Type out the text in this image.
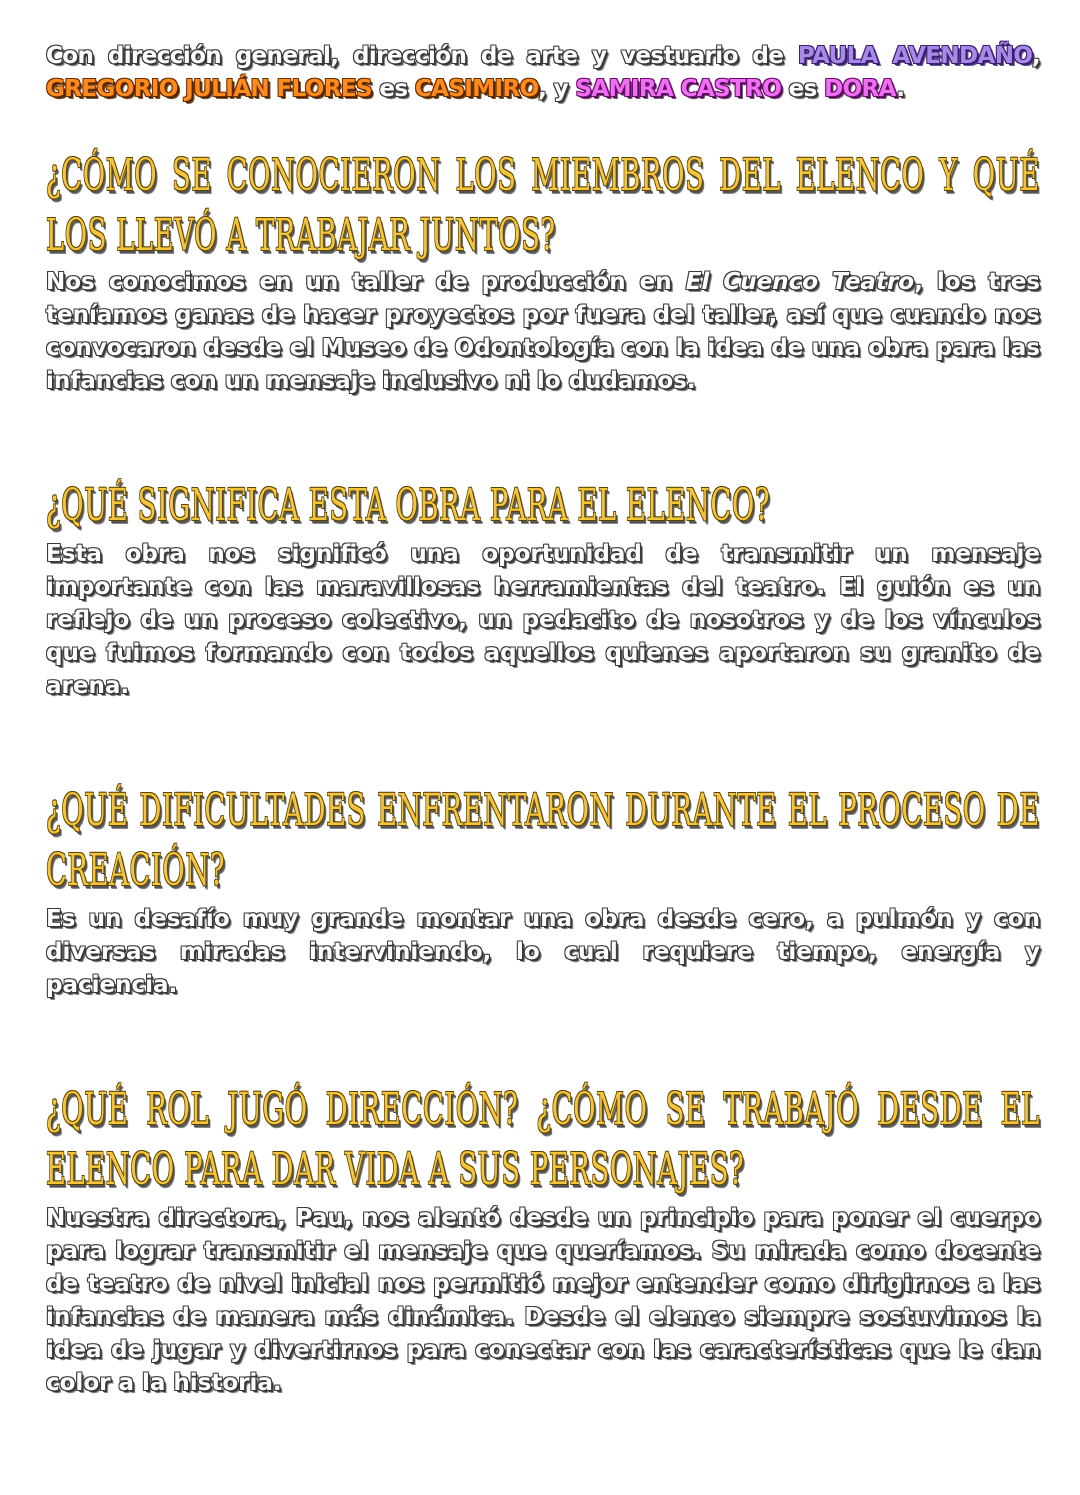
Con dirección general, dirección de arte y vestuario de PAULA AVENDAÑO, GREGORIO JULIÁN FLORES es CASIMIRO, y SAMIRA CASTRO es DORA.

¿CÓMO SE CONOCIERON LOS MIEMBROS DEL ELENCO Y QUÉ LOS LLEVÓ A TRABAJAR JUNTOS?

Nos conocimos en un taller de producción en El Cuenco Teatro, los tres teníamos ganas de hacer proyectos por fuera del taller, así que cuando nos convocaron desde el Museo de Odontología con la idea de una obra para las infancias con un mensaje inclusivo ni lo dudamos.

¿QUÉ SIGNIFICA ESTA OBRA PARA EL ELENCO?

Esta obra nos significó una oportunidad de transmitir un mensaje importante con las maravillosas herramientas del teatro. El guión es un reflejo de un proceso colectivo, un pedacito de nosotros y de los vínculos que fuimos formando con todos aquellos quienes aportaron su granito de arena.

¿QUÉ DIFICULTADES ENFRENTARON DURANTE EL PROCESO DE CREACIÓN?

Es un desafío muy grande montar una obra desde cero, a pulmón y con diversas miradas interviniendo, lo cual requiere tiempo, energía y paciencia.

¿QUÉ ROL JUGÓ DIRECCIÓN? ¿CÓMO SE TRABAJÓ DESDE EL ELENCO PARA DAR VIDA A SUS PERSONAJES?

Nuestra directora, Pau, nos alentó desde un principio para poner el cuerpo para lograr transmitir el mensaje que queríamos. Su mirada como docente de teatro de nivel inicial nos permitió mejor entender como dirigirnos a las infancias de manera más dinámica. Desde el elenco siempre sostuvimos la idea de jugar y divertirnos para conectar con las características que le dan color a la historia.
